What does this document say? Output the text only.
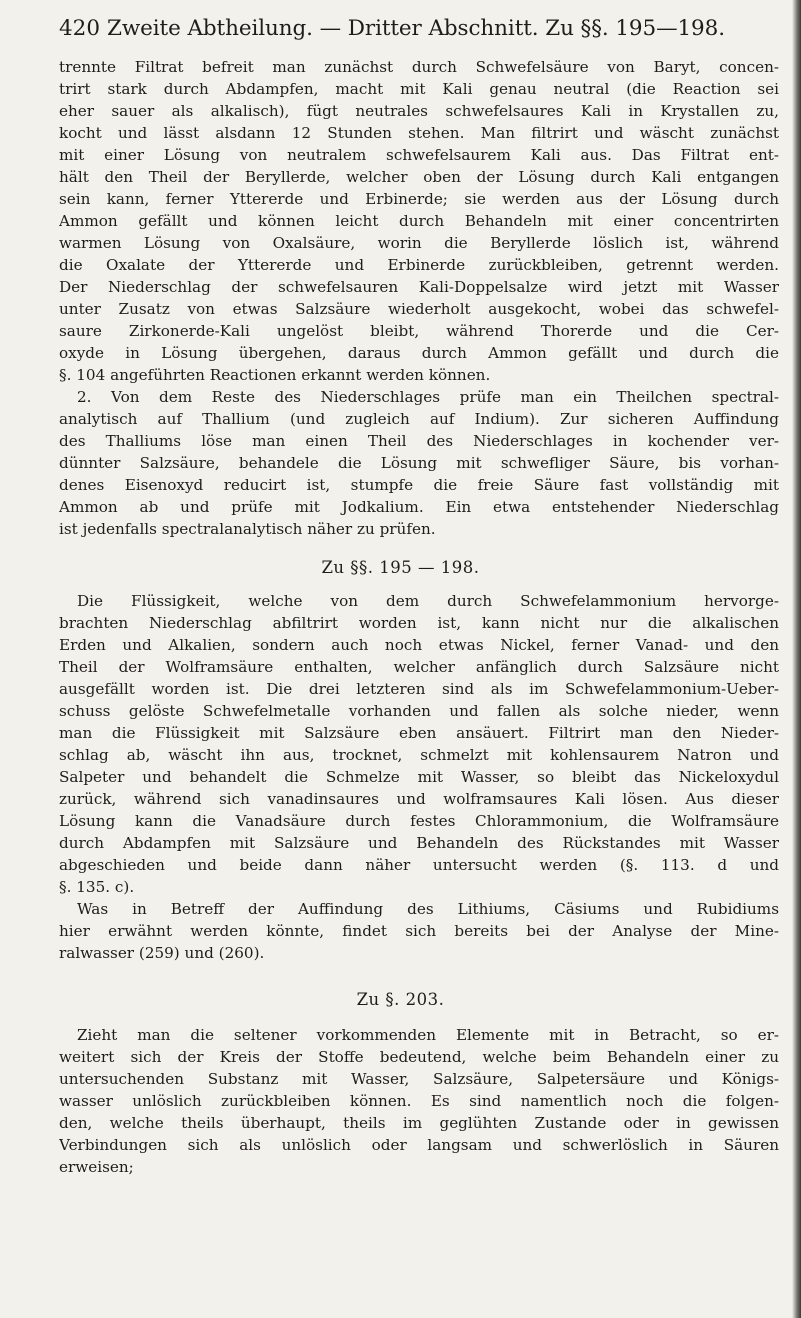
420 Zweite Abtheilung. — Dritter Abschnitt. Zu §§. 195—198.
trennte Filtrat befreit man zunächst durch Schwefelsäure von Baryt, concen-
trirt stark durch Abdampfen, macht mit Kali genau neutral (die Reaction sei
eher sauer als alkalisch), fügt neutrales schwefelsaures Kali in Krystallen zu,
kocht und lässt alsdann 12 Stunden stehen. Man filtrirt und wäscht zunächst
mit einer Lösung von neutralem schwefelsaurem Kali aus. Das Filtrat ent-
hält den Theil der Beryllerde, welcher oben der Lösung durch Kali entgangen
sein kann, ferner Yttererde und Erbinerde; sie werden aus der Lösung durch
Ammon gefällt und können leicht durch Behandeln mit einer concentrirten
warmen Lösung von Oxalsäure, worin die Beryllerde löslich ist, während
die Oxalate der Yttererde und Erbinerde zurückbleiben, getrennt werden.
Der Niederschlag der schwefelsauren Kali-Doppelsalze wird jetzt mit Wasser
unter Zusatz von etwas Salzsäure wiederholt ausgekocht, wobei das schwefel-
saure Zirkonerde-Kali ungelöst bleibt, während Thorerde und die Cer-
oxyde in Lösung übergehen, daraus durch Ammon gefällt und durch die
§. 104 angeführten Reactionen erkannt werden können.
2. Von dem Reste des Niederschlages prüfe man ein Theilchen spectral-
analytisch auf Thallium (und zugleich auf Indium). Zur sicheren Auffindung
des Thalliums löse man einen Theil des Niederschlages in kochender ver-
dünnter Salzsäure, behandele die Lösung mit schwefliger Säure, bis vorhan-
denes Eisenoxyd reducirt ist, stumpfe die freie Säure fast vollständig mit
Ammon ab und prüfe mit Jodkalium. Ein etwa entstehender Niederschlag
ist jedenfalls spectralanalytisch näher zu prüfen.
Zu §§. 195 — 198.
Die Flüssigkeit, welche von dem durch Schwefelammonium hervorge-
brachten Niederschlag abfiltrirt worden ist, kann nicht nur die alkalischen
Erden und Alkalien, sondern auch noch etwas Nickel, ferner Vanad- und den
Theil der Wolframsäure enthalten, welcher anfänglich durch Salzsäure nicht
ausgefällt worden ist. Die drei letzteren sind als im Schwefelammonium-Ueber-
schuss gelöste Schwefelmetalle vorhanden und fallen als solche nieder, wenn
man die Flüssigkeit mit Salzsäure eben ansäuert. Filtrirt man den Nieder-
schlag ab, wäscht ihn aus, trocknet, schmelzt mit kohlensaurem Natron und
Salpeter und behandelt die Schmelze mit Wasser, so bleibt das Nickeloxydul
zurück, während sich vanadinsaures und wolframsaures Kali lösen. Aus dieser
Lösung kann die Vanadsäure durch festes Chlorammonium, die Wolframsäure
durch Abdampfen mit Salzsäure und Behandeln des Rückstandes mit Wasser
abgeschieden und beide dann näher untersucht werden (§. 113. d und
§. 135. c).
Was in Betreff der Auffindung des Lithiums, Cäsiums und Rubidiums
hier erwähnt werden könnte, findet sich bereits bei der Analyse der Mine-
ralwasser (259) und (260).
Zu §. 203.
Zieht man die seltener vorkommenden Elemente mit in Betracht, so er-
weitert sich der Kreis der Stoffe bedeutend, welche beim Behandeln einer zu
untersuchenden Substanz mit Wasser, Salzsäure, Salpetersäure und Königs-
wasser unlöslich zurückbleiben können. Es sind namentlich noch die folgen-
den, welche theils überhaupt, theils im geglühten Zustande oder in gewissen
Verbindungen sich als unlöslich oder langsam und schwerlöslich in Säuren
erweisen;
